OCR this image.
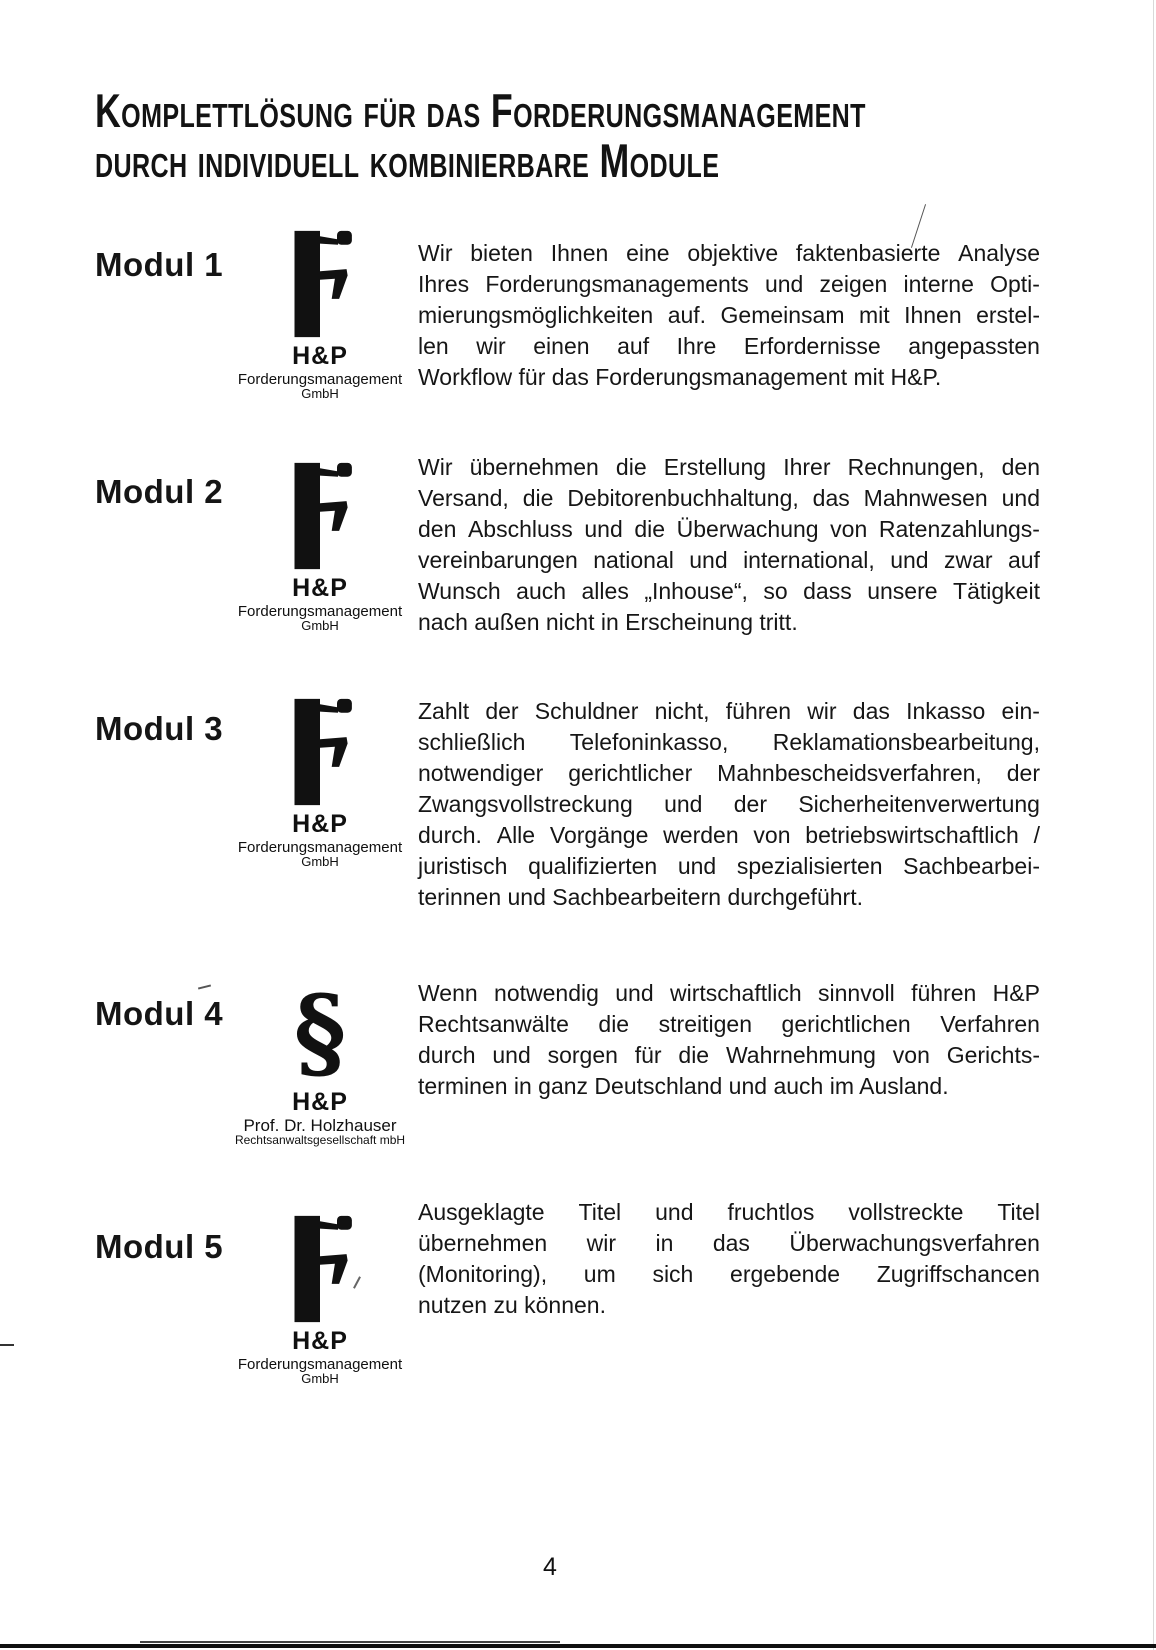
Komplettlösung für das Forderungsmanagement
durch individuell kombinierbare Module
Modul 1
H&P
Forderungsmanagement
GmbH
Wir bieten Ihnen eine objektive faktenbasierte Analyse
Ihres Forderungsmanagements und zeigen interne Opti-
mierungsmöglichkeiten auf. Gemeinsam mit Ihnen erstel-
len wir einen auf Ihre Erfordernisse angepassten
Workflow für das Forderungsmanagement mit H&P.
Modul 2
H&P
Forderungsmanagement
GmbH
Wir übernehmen die Erstellung Ihrer Rechnungen, den
Versand, die Debitorenbuchhaltung, das Mahnwesen und
den Abschluss und die Überwachung von Ratenzahlungs-
vereinbarungen national und international, und zwar auf
Wunsch auch alles „Inhouse“, so dass unsere Tätigkeit
nach außen nicht in Erscheinung tritt.
Modul 3
H&P
Forderungsmanagement
GmbH
Zahlt der Schuldner nicht, führen wir das Inkasso ein-
schließlich Telefoninkasso, Reklamationsbearbeitung,
notwendiger gerichtlicher Mahnbescheidsverfahren, der
Zwangsvollstreckung und der Sicherheitenverwertung
durch. Alle Vorgänge werden von betriebswirtschaftlich /
juristisch qualifizierten und spezialisierten Sachbearbei-
terinnen und Sachbearbeitern durchgeführt.
Modul 4 §
H&P
Prof. Dr. Holzhauser
Rechtsanwaltsgesellschaft mbH
Wenn notwendig und wirtschaftlich sinnvoll führen H&P
Rechtsanwälte die streitigen gerichtlichen Verfahren
durch und sorgen für die Wahrnehmung von Gerichts-
terminen in ganz Deutschland und auch im Ausland.
Modul 5
H&P
Forderungsmanagement
GmbH
Ausgeklagte Titel und fruchtlos vollstreckte Titel
übernehmen wir in das Überwachungsverfahren
(Monitoring), um sich ergebende Zugriffschancen
nutzen zu können.
4
